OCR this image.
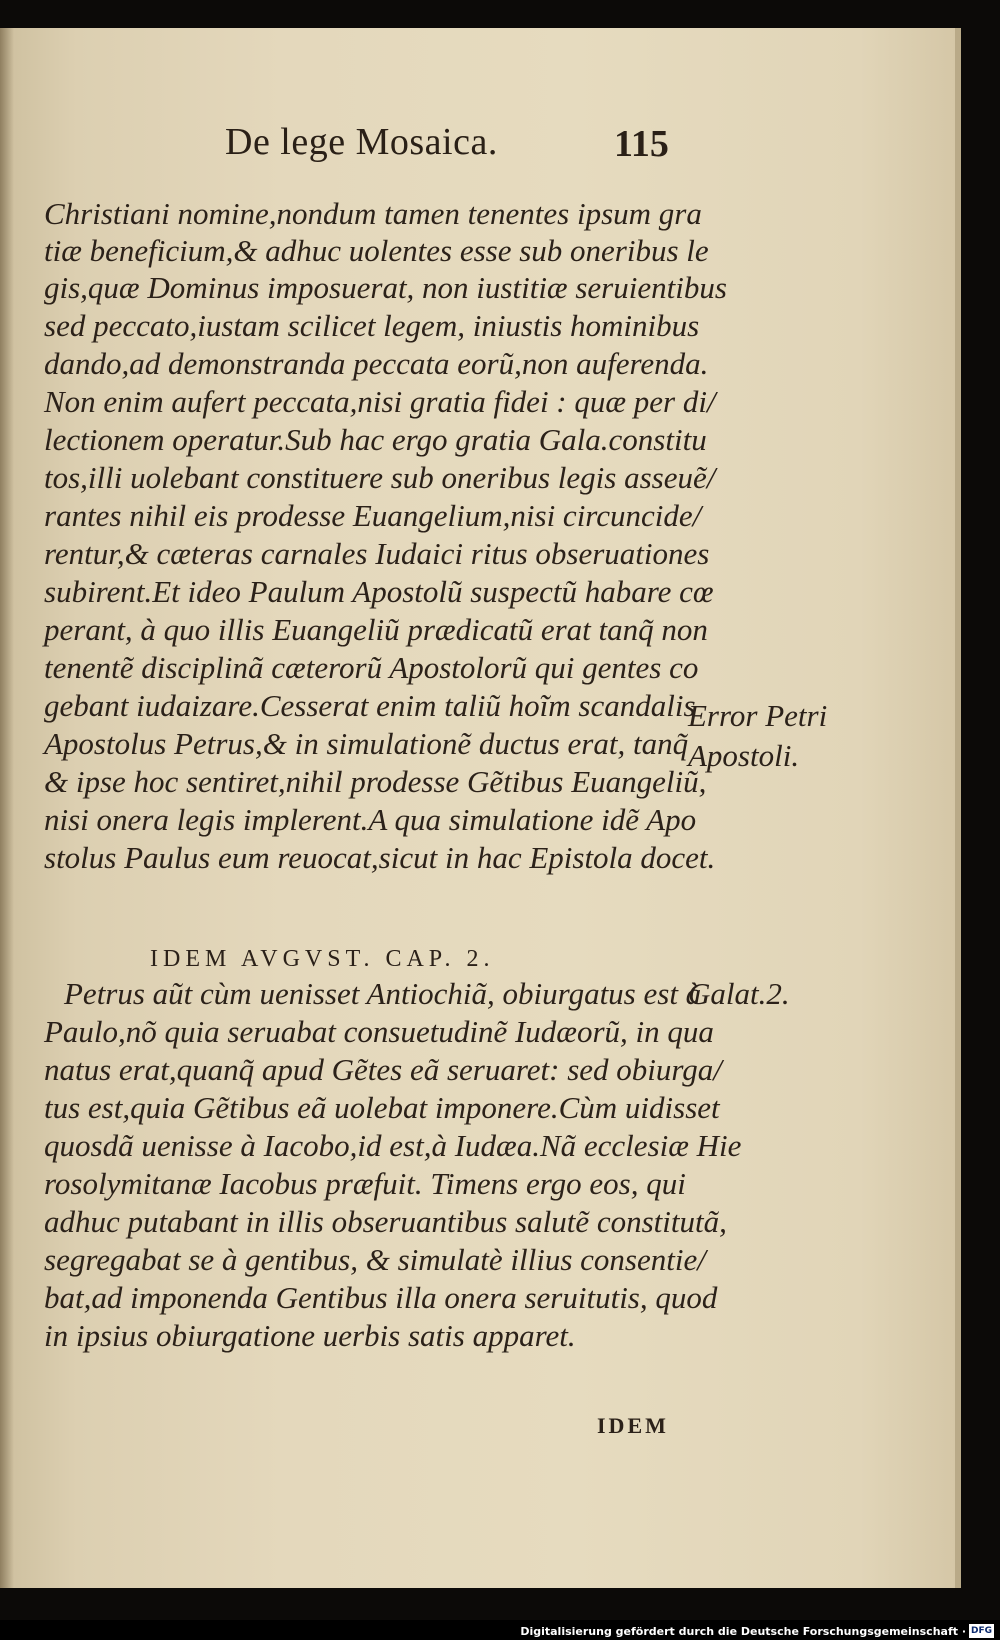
De lege Mosaica.	115
Christiani nomine,nondum tamen tenentes ipsum gra
tiæ beneficium,& adhuc uolentes esse sub oneribus le
gis,quæ Dominus imposuerat, non iustitiæ seruientibus
sed peccato,iustam scilicet legem, iniustis hominibus
dando,ad demonstranda peccata eorũ,non auferenda.
Non enim aufert peccata,nisi gratia fidei : quæ per di/
lectionem operatur.Sub hac ergo gratia Gala.constitu
tos,illi uolebant constituere sub oneribus legis asseuẽ/
rantes nihil eis prodesse Euangelium,nisi circuncide/
rentur,& cæteras carnales Iudaici ritus obseruationes
subirent.Et ideo Paulum Apostolũ suspectũ habare cœ
perant, à quo illis Euangeliũ prædicatũ erat tanq̃ non
tenentẽ disciplinã cæterorũ Apostolorũ qui gentes co
gebant iudaizare.Cesserat enim taliũ hoĩm scandalis
Apostolus Petrus,& in simulationẽ ductus erat, tanq̃
& ipse hoc sentiret,nihil prodesse Gẽtibus Euangeliũ,
nisi onera legis implerent.A qua simulatione idẽ Apo
stolus Paulus eum reuocat,sicut in hac Epistola docet.
Error Petri
Apostoli.
IDEM AVGVST. CAP. 2.
Petrus aũt cùm uenisset Antiochiã, obiurgatus est à
Galat.2.
Paulo,nõ quia seruabat consuetudinẽ Iudæorũ, in qua
natus erat,quanq̃ apud Gẽtes eã seruaret: sed obiurga/
tus est,quia Gẽtibus eã uolebat imponere.Cùm uidisset
quosdã uenisse à Iacobo,id est,à Iudæa.Nã ecclesiæ Hie
rosolymitanæ Iacobus præfuit. Timens ergo eos, qui
adhuc putabant in illis obseruantibus salutẽ constitutã,
segregabat se à gentibus, & simulatè illius consentie/
bat,ad imponenda Gentibus illa onera seruitutis, quod
in ipsius obiurgatione uerbis satis apparet.
IDEM
Digitalisierung gefördert durch die Deutsche Forschungsgemeinschaft · DFG
